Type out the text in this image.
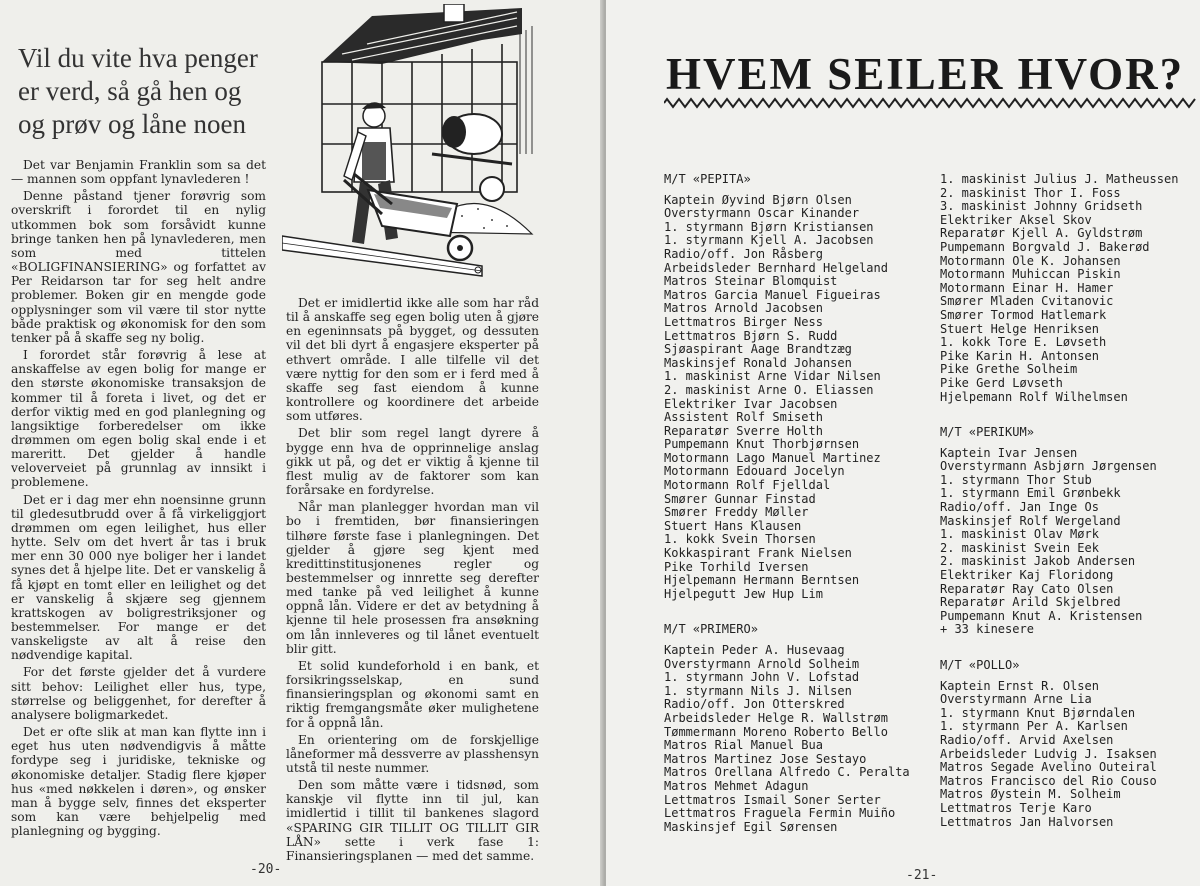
Vil du vite hva penger
er verd, så gå hen og
og prøv og låne noen

Det var Benjamin Franklin som sa det — mannen som oppfant lynavlederen !

Denne påstand tjener forøvrig som overskrift i forordet til en nylig utkommen bok som forsåvidt kunne bringe tanken hen på lynavlederen, men som med tittelen «BOLIGFINANSIERING» og forfattet av Per Reidarson tar for seg helt andre problemer. Boken gir en mengde gode opplysninger som vil være til stor nytte både praktisk og økonomisk for den som tenker på å skaffe seg ny bolig.

I forordet står forøvrig å lese at anskaffelse av egen bolig for mange er den største økonomiske transaksjon de kommer til å foreta i livet, og det er derfor viktig med en god planlegning og langsiktige forberedelser om ikke drømmen om egen bolig skal ende i et mareritt. Det gjelder å handle veloverveiet på grunnlag av innsikt i problemene.

Det er i dag mer ehn noensinne grunn til gledesutbrudd over å få virkeliggjort drømmen om egen leilighet, hus eller hytte. Selv om det hvert år tas i bruk mer enn 30 000 nye boliger her i landet synes det å hjelpe lite. Det er vanskelig å få kjøpt en tomt eller en leilighet og det er vanskelig å skjære seg gjennem krattskogen av boligrestriksjoner og bestemmelser. For mange er det vanskeligste av alt å reise den nødvendige kapital.

For det første gjelder det å vurdere sitt behov: Leilighet eller hus, type, størrelse og beliggenhet, for derefter å analysere boligmarkedet.

Det er ofte slik at man kan flytte inn i eget hus uten nødvendigvis å måtte fordype seg i juridiske, tekniske og økonomiske detaljer. Stadig flere kjøper hus «med nøkkelen i døren», og ønsker man å bygge selv, finnes det eksperter som kan være behjelpelig med planlegning og bygging.

Det er imidlertid ikke alle som har råd til å anskaffe seg egen bolig uten å gjøre en egeninnsats på bygget, og dessuten vil det bli dyrt å engasjere eksperter på ethvert område. I alle tilfelle vil det være nyttig for den som er i ferd med å skaffe seg fast eiendom å kunne kontrollere og koordinere det arbeide som utføres.

Det blir som regel langt dyrere å bygge enn hva de opprinnelige anslag gikk ut på, og det er viktig å kjenne til flest mulig av de faktorer som kan forårsake en fordyrelse.

Når man planlegger hvordan man vil bo i fremtiden, bør finansieringen tilhøre første fase i planlegningen. Det gjelder å gjøre seg kjent med kredittinstitusjonenes regler og bestemmelser og innrette seg derefter med tanke på ved leilighet å kunne oppnå lån. Videre er det av betydning å kjenne til hele prosessen fra ansøkning om lån innleveres og til lånet eventuelt blir gitt.

Et solid kundeforhold i en bank, et forsikringsselskap, en sund finansieringsplan og økonomi samt en riktig fremgangsmåte øker mulighetene for å oppnå lån.

En orientering om de forskjellige låneformer må dessverre av plasshensyn utstå til neste nummer.

Den som måtte være i tidsnød, som kanskje vil flytte inn til jul, kan imidlertid i tillit til bankenes slagord «SPARING GIR TILLIT OG TILLIT GIR LÅN» sette i verk fase 1: Finansieringsplanen — med det samme.

-20-
HVEM SEILER HVOR?
M/T «PEPITA»
Kaptein Øyvind Bjørn Olsen
Overstyrmann Oscar Kinander
1. styrmann Bjørn Kristiansen
1. styrmann Kjell A. Jacobsen
Radio/off. Jon Råsberg
Arbeidsleder Bernhard Helgeland
Matros Steinar Blomquist
Matros Garcia Manuel Figueiras
Matros Arnold Jacobsen
Lettmatros Birger Ness
Lettmatros Bjørn S. Rudd
Sjøaspirant Aage Brandtzæg
Maskinsjef Ronald Johansen
1. maskinist Arne Vidar Nilsen
2. maskinist Arne O. Eliassen
Elektriker Ivar Jacobsen
Assistent Rolf Smiseth
Reparatør Sverre Holth
Pumpemann Knut Thorbjørnsen
Motormann Lago Manuel Martinez
Motormann Edouard Jocelyn
Motormann Rolf Fjelldal
Smører Gunnar Finstad
Smører Freddy Møller
Stuert Hans Klausen
1. kokk Svein Thorsen
Kokkaspirant Frank Nielsen
Pike Torhild Iversen
Hjelpemann Hermann Berntsen
Hjelpegutt Jew Hup Lim
M/T «PRIMERO»
Kaptein Peder A. Husevaag
Overstyrmann Arnold Solheim
1. styrmann John V. Lofstad
1. styrmann Nils J. Nilsen
Radio/off. Jon Otterskred
Arbeidsleder Helge R. Wallstrøm
Tømmermann Moreno Roberto Bello
Matros Rial Manuel Bua
Matros Martinez Jose Sestayo
Matros Orellana Alfredo C. Peralta
Matros Mehmet Adagun
Lettmatros Ismail Soner Serter
Lettmatros Fraguela Fermin Muiño
Maskinsjef Egil Sørensen
1. maskinist Julius J. Matheussen
2. maskinist Thor I. Foss
3. maskinist Johnny Gridseth
Elektriker Aksel Skov
Reparatør Kjell A. Gyldstrøm
Pumpemann Borgvald J. Bakerød
Motormann Ole K. Johansen
Motormann Muhiccan Piskin
Motormann Einar H. Hamer
Smører Mladen Cvitanovic
Smører Tormod Hatlemark
Stuert Helge Henriksen
1. kokk Tore E. Løvseth
Pike Karin H. Antonsen
Pike Grethe Solheim
Pike Gerd Løvseth
Hjelpemann Rolf Wilhelmsen
M/T «PERIKUM»
Kaptein Ivar Jensen
Overstyrmann Asbjørn Jørgensen
1. styrmann Thor Stub
1. styrmann Emil Grønbekk
Radio/off. Jan Inge Os
Maskinsjef Rolf Wergeland
1. maskinist Olav Mørk
2. maskinist Svein Eek
2. maskinist Jakob Andersen
Elektriker Kaj Floridong
Reparatør Ray Cato Olsen
Reparatør Arild Skjelbred
Pumpemann Knut A. Kristensen
+ 33 kinesere
M/T «POLLO»
Kaptein Ernst R. Olsen
Overstyrmann Arne Lia
1. styrmann Knut Bjørndalen
1. styrmann Per A. Karlsen
Radio/off. Arvid Axelsen
Arbeidsleder Ludvig J. Isaksen
Matros Segade Avelino Outeiral
Matros Francisco del Rio Couso
Matros Øystein M. Solheim
Lettmatros Terje Karo
Lettmatros Jan Halvorsen
-21-
